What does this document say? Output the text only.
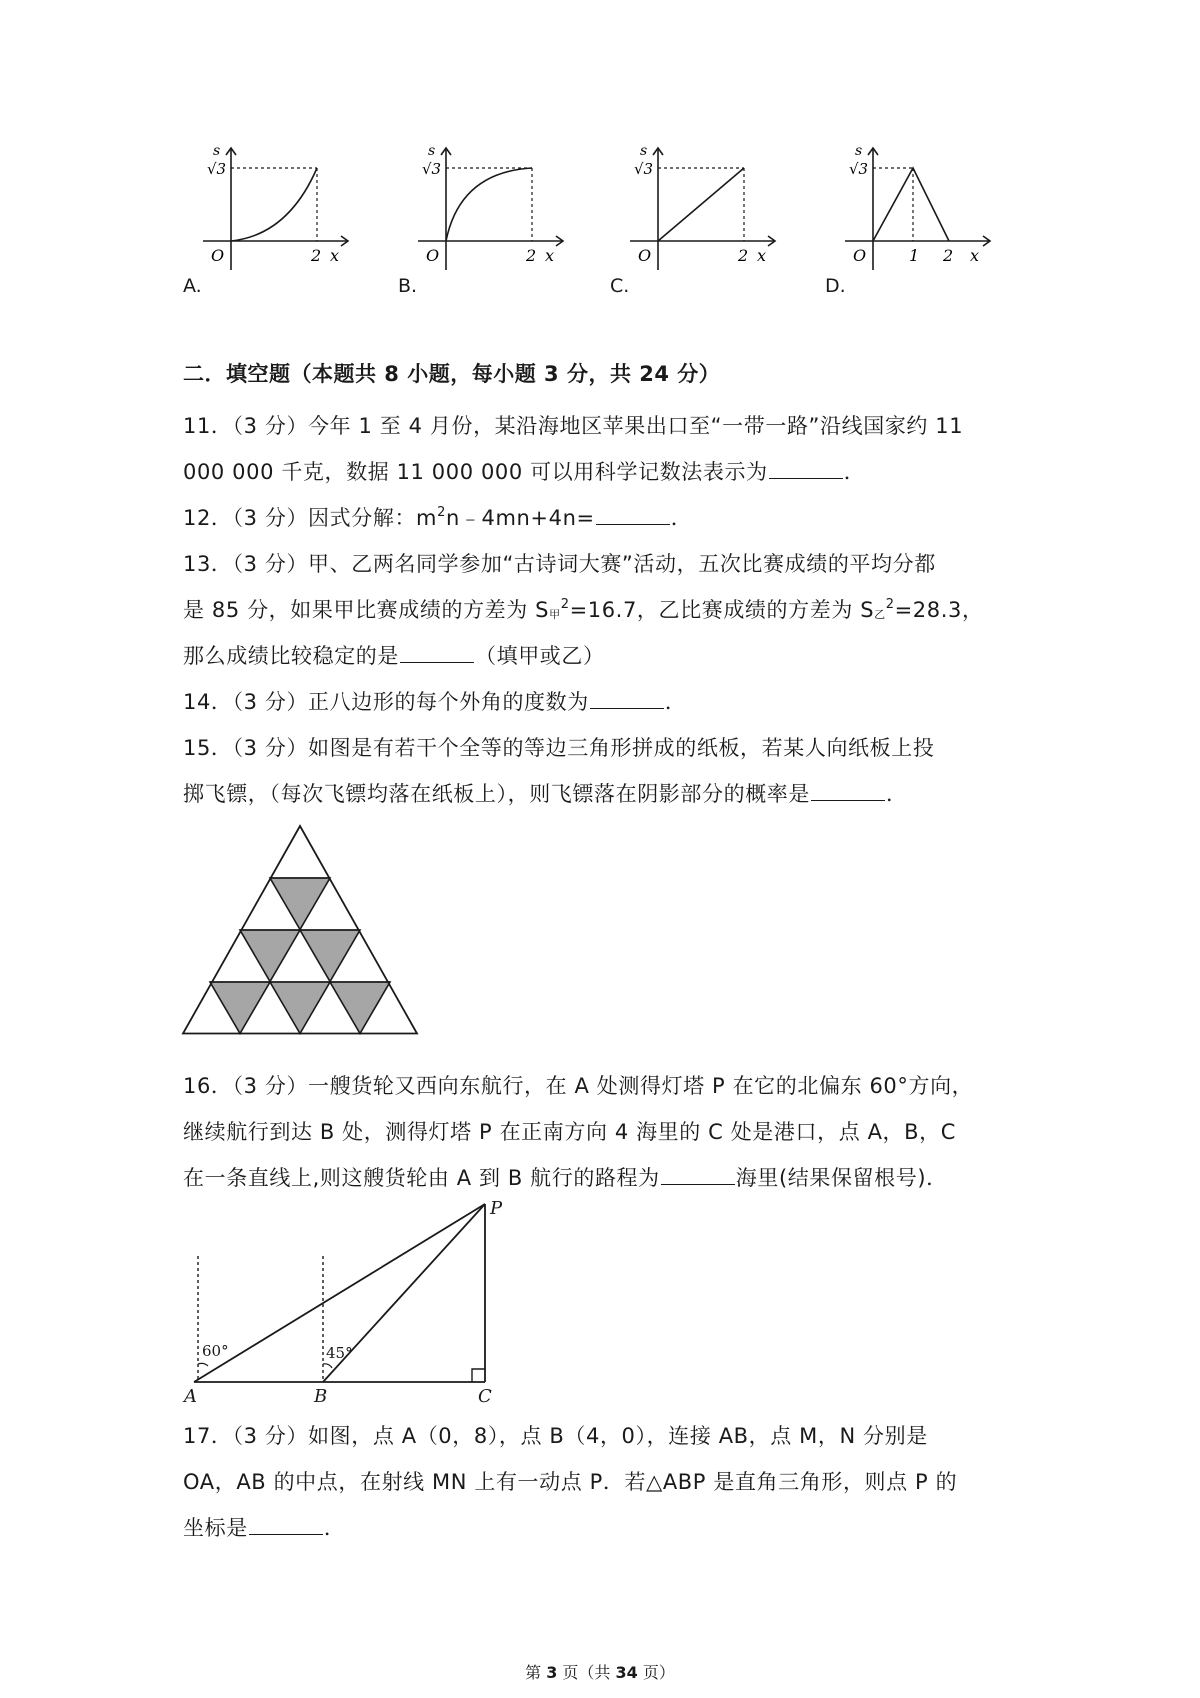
A.
s
√3
O	2 x
B.
s
√3
O	2 x
C.
s
√3
O	2 x
D.
s
√3
O	1 2 x
二．填空题（本题共 8 小题，每小题 3 分，共 24 分）
11．（3 分）今年 1 至 4 月份，某沿海地区苹果出口至“一带一路”沿线国家约 11
000 000 千克，数据 11 000 000 可以用科学记数法表示为	．
12．（3 分）因式分解：$m^2n﹣4mn+4n=$	．
13．（3 分）甲、乙两名同学参加“古诗词大赛”活动，五次比赛成绩的平均分都
是 85 分，如果甲比赛成绩的方差为 S甲$^2$=16.7，乙比赛成绩的方差为 S乙$^2$=28.3，
那么成绩比较稳定的是	（填甲或乙）
14．（3 分）正八边形的每个外角的度数为	．
15．（3 分）如图是有若干个全等的等边三角形拼成的纸板，若某人向纸板上投
掷飞镖，（每次飞镖均落在纸板上），则飞镖落在阴影部分的概率是	．
16．（3 分）一艘货轮又西向东航行，在 A 处测得灯塔 P 在它的北偏东 60°方向，
继续航行到达 B 处，测得灯塔 P 在正南方向 4 海里的 C 处是港口，点 A，B，C
在一条直线上,则这艘货轮由 A 到 B 航行的路程为	海里(结果保留根号)．
P
A	B	C
60°	45°
17．（3 分）如图，点 A（0，8），点 B（4，0），连接 AB，点 M，N 分别是
OA，AB 的中点，在射线 MN 上有一动点 P．若△ABP 是直角三角形，则点 P 的
坐标是	．
第 3 页（共 34 页）
